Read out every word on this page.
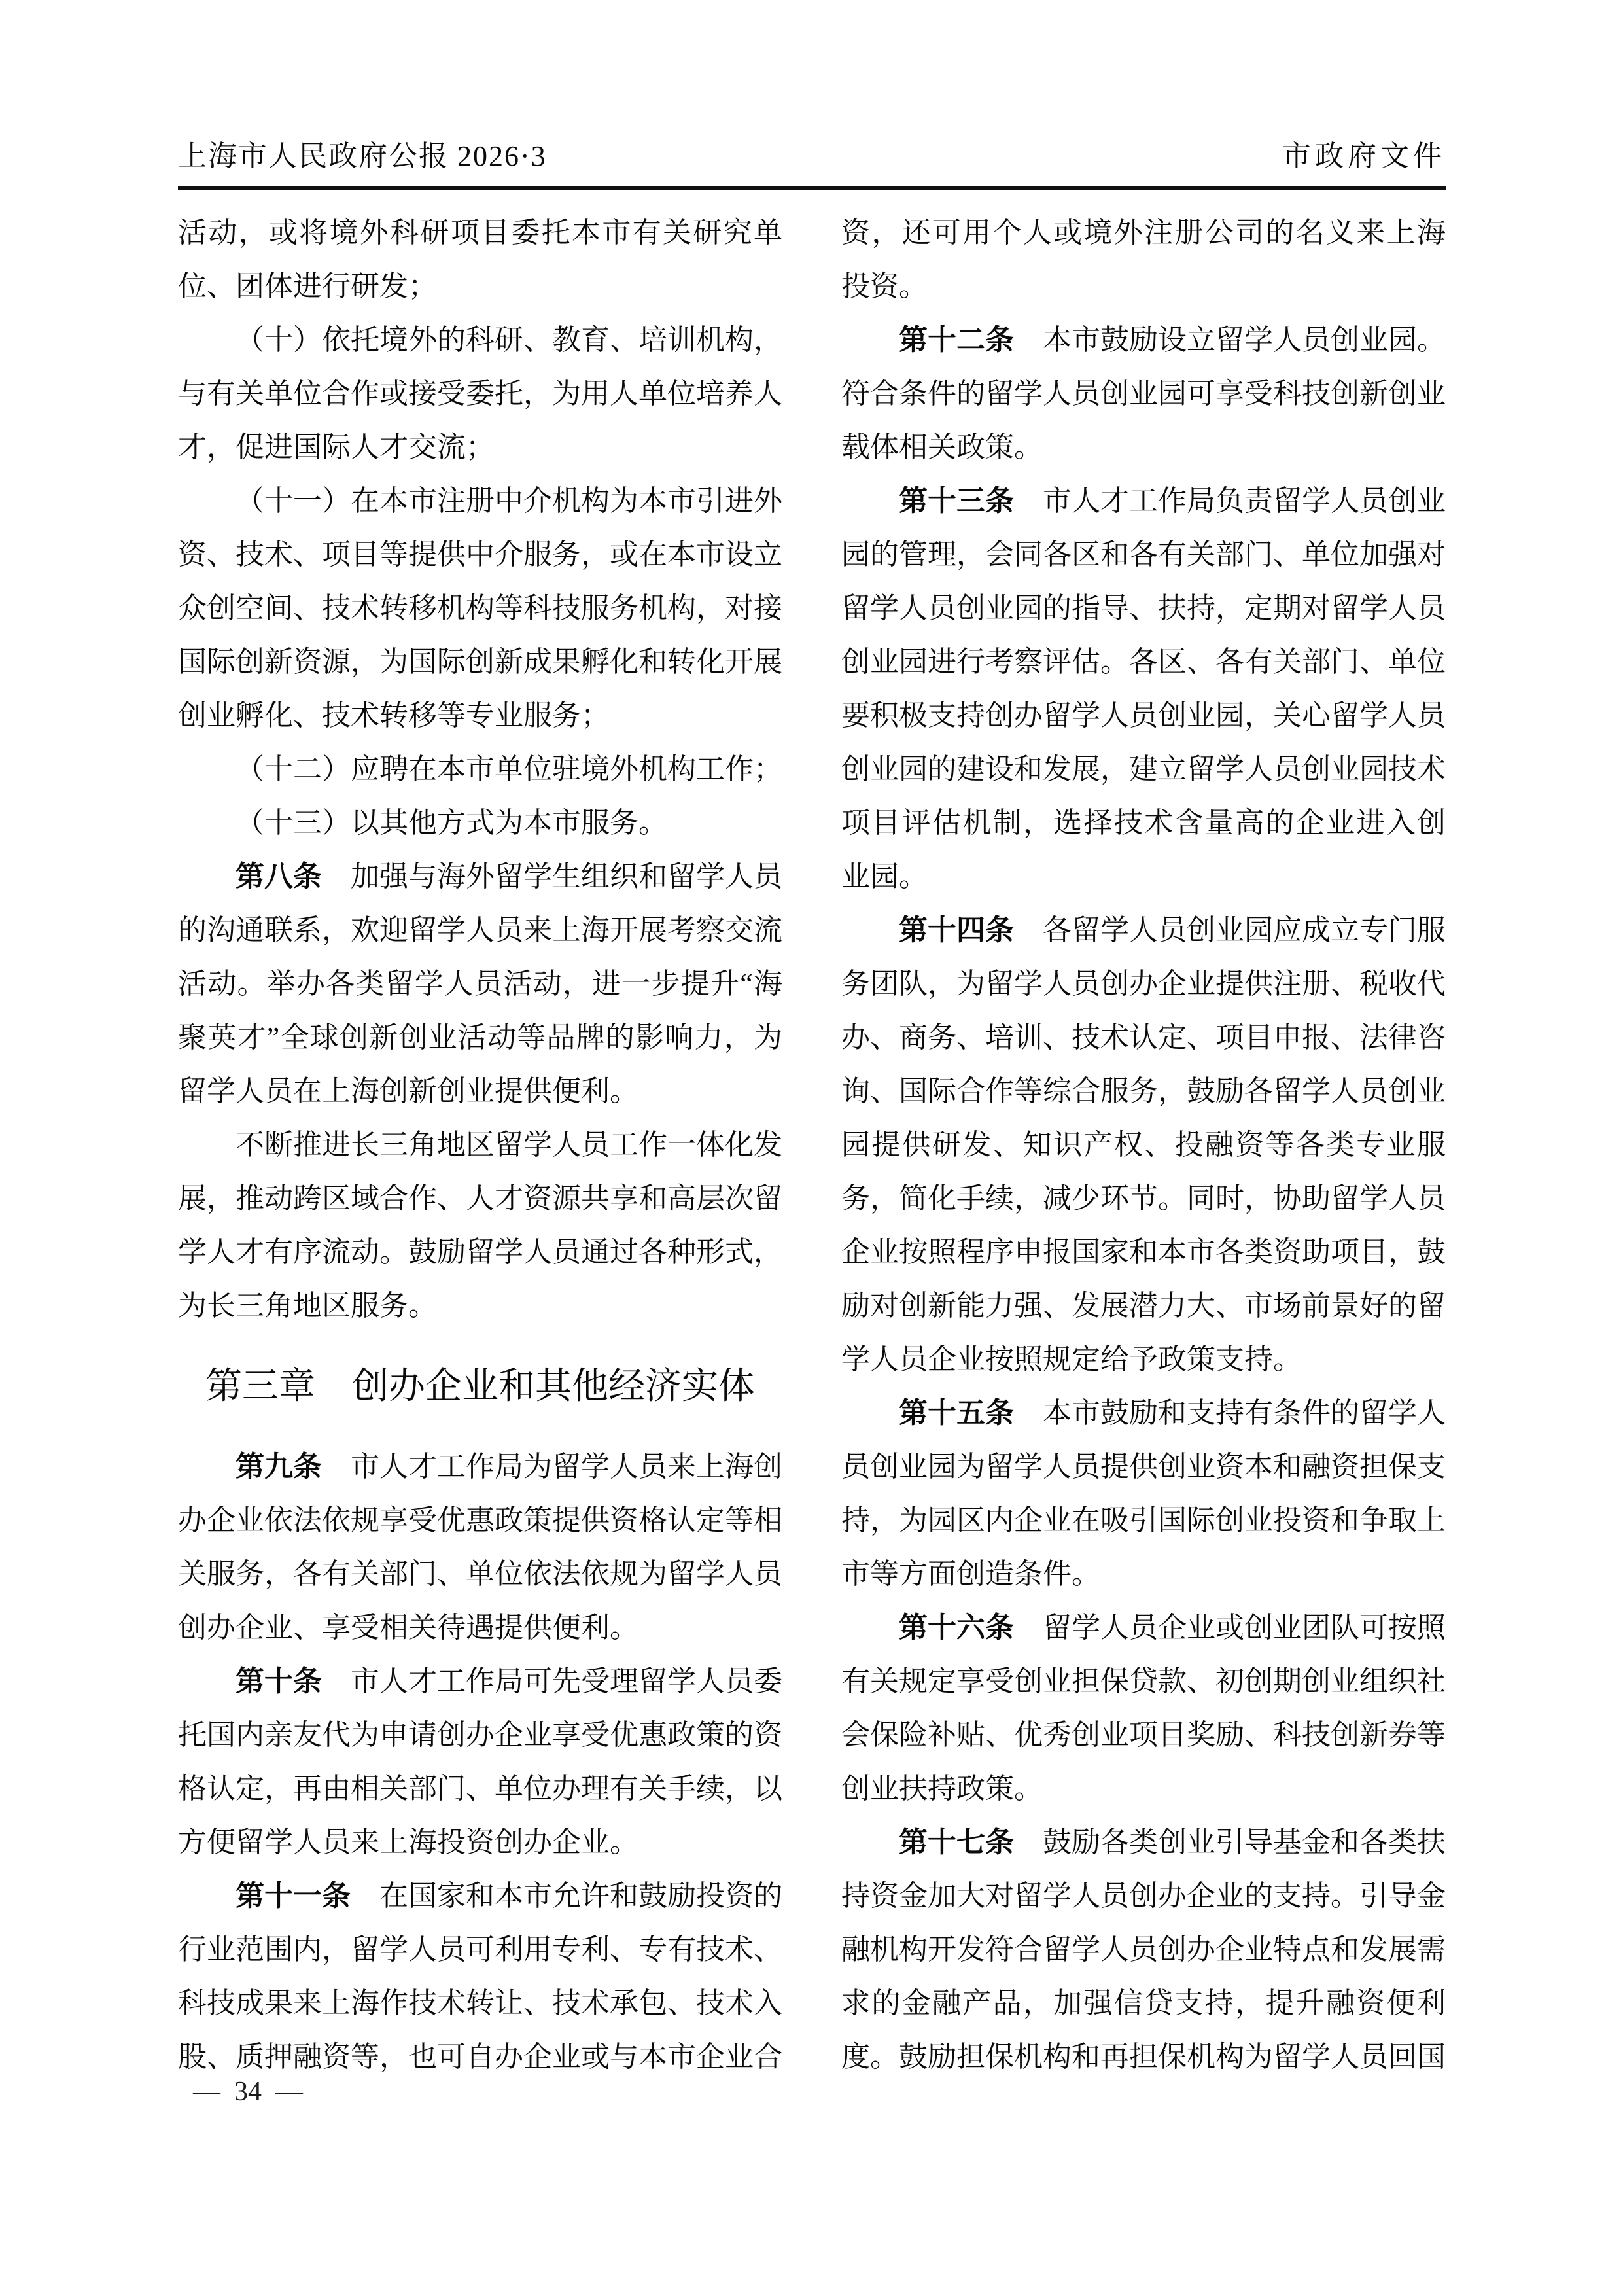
上海市人民政府公报 2026·3	市政府文件
活动，或将境外科研项目委托本市有关研究单
位、团体进行研发；
（十）依托境外的科研、教育、培训机构，
与有关单位合作或接受委托，为用人单位培养人
才，促进国际人才交流；
（十一）在本市注册中介机构为本市引进外
资、技术、项目等提供中介服务，或在本市设立
众创空间、技术转移机构等科技服务机构，对接
国际创新资源，为国际创新成果孵化和转化开展
创业孵化、技术转移等专业服务；
（十二）应聘在本市单位驻境外机构工作；
（十三）以其他方式为本市服务。
第八条　加强与海外留学生组织和留学人员
的沟通联系，欢迎留学人员来上海开展考察交流
活动。举办各类留学人员活动，进一步提升“海
聚英才”全球创新创业活动等品牌的影响力，为
留学人员在上海创新创业提供便利。
不断推进长三角地区留学人员工作一体化发
展，推动跨区域合作、人才资源共享和高层次留
学人才有序流动。鼓励留学人员通过各种形式，
为长三角地区服务。
第三章　创办企业和其他经济实体
第九条　市人才工作局为留学人员来上海创
办企业依法依规享受优惠政策提供资格认定等相
关服务，各有关部门、单位依法依规为留学人员
创办企业、享受相关待遇提供便利。
第十条　市人才工作局可先受理留学人员委
托国内亲友代为申请创办企业享受优惠政策的资
格认定，再由相关部门、单位办理有关手续，以
方便留学人员来上海投资创办企业。
第十一条　在国家和本市允许和鼓励投资的
行业范围内，留学人员可利用专利、专有技术、
科技成果来上海作技术转让、技术承包、技术入
股、质押融资等，也可自办企业或与本市企业合
资，还可用个人或境外注册公司的名义来上海
投资。
第十二条　本市鼓励设立留学人员创业园。
符合条件的留学人员创业园可享受科技创新创业
载体相关政策。
第十三条　市人才工作局负责留学人员创业
园的管理，会同各区和各有关部门、单位加强对
留学人员创业园的指导、扶持，定期对留学人员
创业园进行考察评估。各区、各有关部门、单位
要积极支持创办留学人员创业园，关心留学人员
创业园的建设和发展，建立留学人员创业园技术
项目评估机制，选择技术含量高的企业进入创
业园。
第十四条　各留学人员创业园应成立专门服
务团队，为留学人员创办企业提供注册、税收代
办、商务、培训、技术认定、项目申报、法律咨
询、国际合作等综合服务，鼓励各留学人员创业
园提供研发、知识产权、投融资等各类专业服
务，简化手续，减少环节。同时，协助留学人员
企业按照程序申报国家和本市各类资助项目，鼓
励对创新能力强、发展潜力大、市场前景好的留
学人员企业按照规定给予政策支持。
第十五条　本市鼓励和支持有条件的留学人
员创业园为留学人员提供创业资本和融资担保支
持，为园区内企业在吸引国际创业投资和争取上
市等方面创造条件。
第十六条　留学人员企业或创业团队可按照
有关规定享受创业担保贷款、初创期创业组织社
会保险补贴、优秀创业项目奖励、科技创新券等
创业扶持政策。
第十七条　鼓励各类创业引导基金和各类扶
持资金加大对留学人员创办企业的支持。引导金
融机构开发符合留学人员创办企业特点和发展需
求的金融产品，加强信贷支持，提升融资便利
度。鼓励担保机构和再担保机构为留学人员回国
—  34  —
